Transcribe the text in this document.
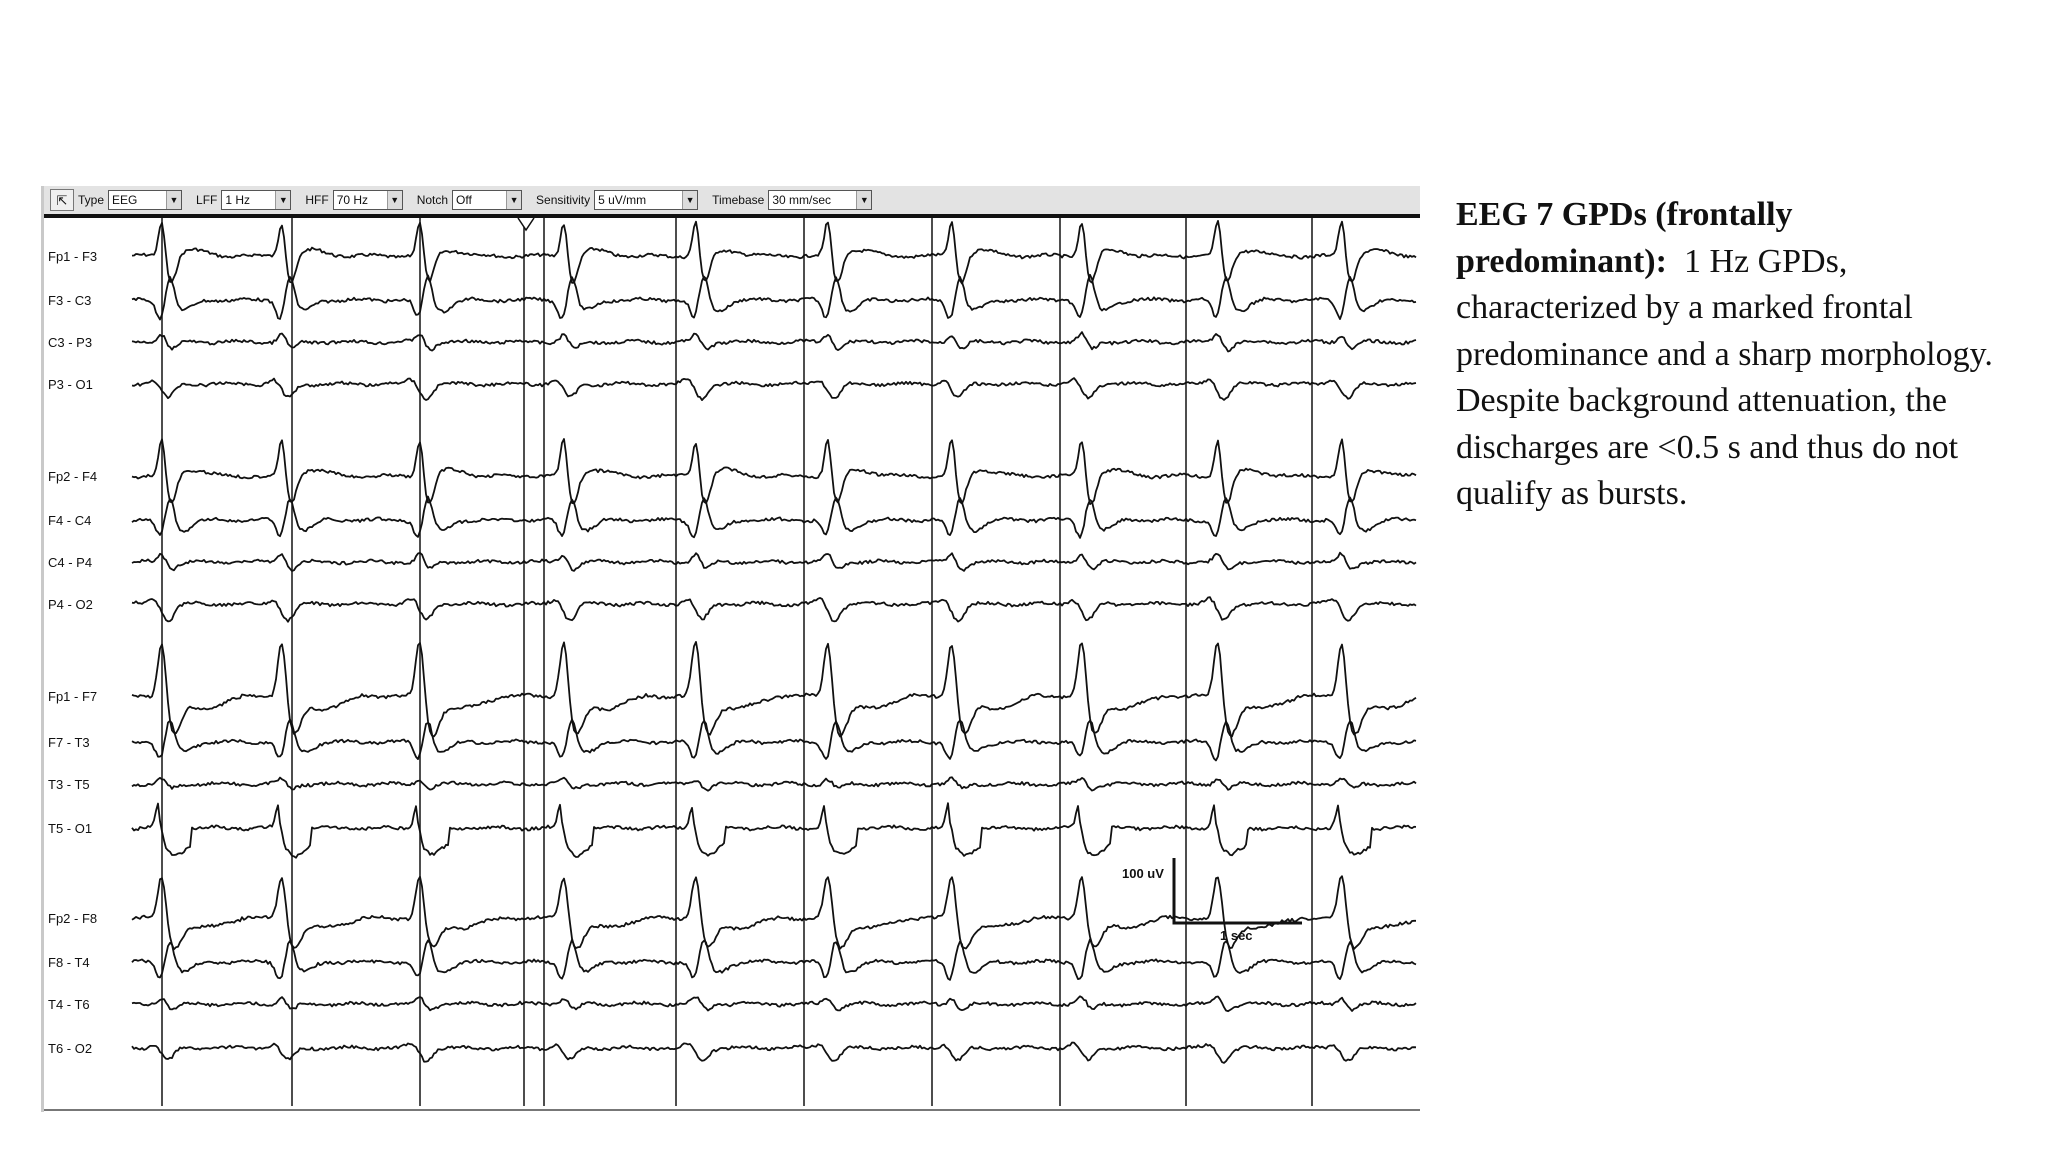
⇱ Type EEG	▼ LFF 1 Hz	▼ HFF 70 Hz	▼ Notch Off	▼ Sensitivity 5 uV/mm	▼ Timebase 30 mm/sec	▼
Fp1 - F3
F3 - C3
C3 - P3
P3 - O1
Fp2 - F4
F4 - C4
C4 - P4
P4 - O2
Fp1 - F7
F7 - T3
T3 - T5
T5 - O1
Fp2 - F8
F8 - T4
T4 - T6
T6 - O2
100 uV
1 sec
EEG 7 GPDs (frontally predominant): 1 Hz GPDs, characterized by a marked frontal predominance and a sharp morphology. Despite background attenuation, the discharges are <0.5 s and thus do not qualify as bursts.
